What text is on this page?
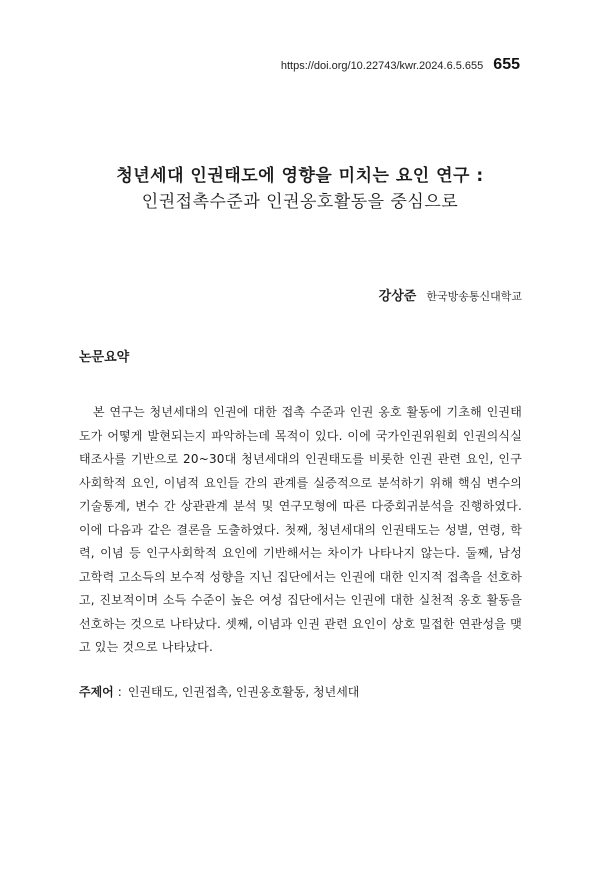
https://doi.org/10.22743/kwr.2024.6.5.655 655
청년세대 인권태도에 영향을 미치는 요인 연구 :
인권접촉수준과 인권옹호활동을 중심으로
강상준 한국방송통신대학교
논문요약

본 연구는 청년세대의 인권에 대한 접촉 수준과 인권 옹호 활동에 기초해 인권태도가 어떻게 발현되는지 파악하는데 목적이 있다. 이에 국가인권위원회 인권의식실태조사를 기반으로 20~30대 청년세대의 인권태도를 비롯한 인권 관련 요인, 인구사회학적 요인, 이념적 요인들 간의 관계를 실증적으로 분석하기 위해 핵심 변수의 기술통계, 변수 간 상관관계 분석 및 연구모형에 따른 다중회귀분석을 진행하였다. 이에 다음과 같은 결론을 도출하였다. 첫째, 청년세대의 인권태도는 성별, 연령, 학력, 이념 등 인구사회학적 요인에 기반해서는 차이가 나타나지 않는다. 둘째, 남성 고학력 고소득의 보수적 성향을 지닌 집단에서는 인권에 대한 인지적 접촉을 선호하고, 진보적이며 소득 수준이 높은 여성 집단에서는 인권에 대한 실천적 옹호 활동을 선호하는 것으로 나타났다. 셋째, 이념과 인권 관련 요인이 상호 밀접한 연관성을 맺고 있는 것으로 나타났다.

주제어 : 인권태도, 인권접촉, 인권옹호활동, 청년세대
